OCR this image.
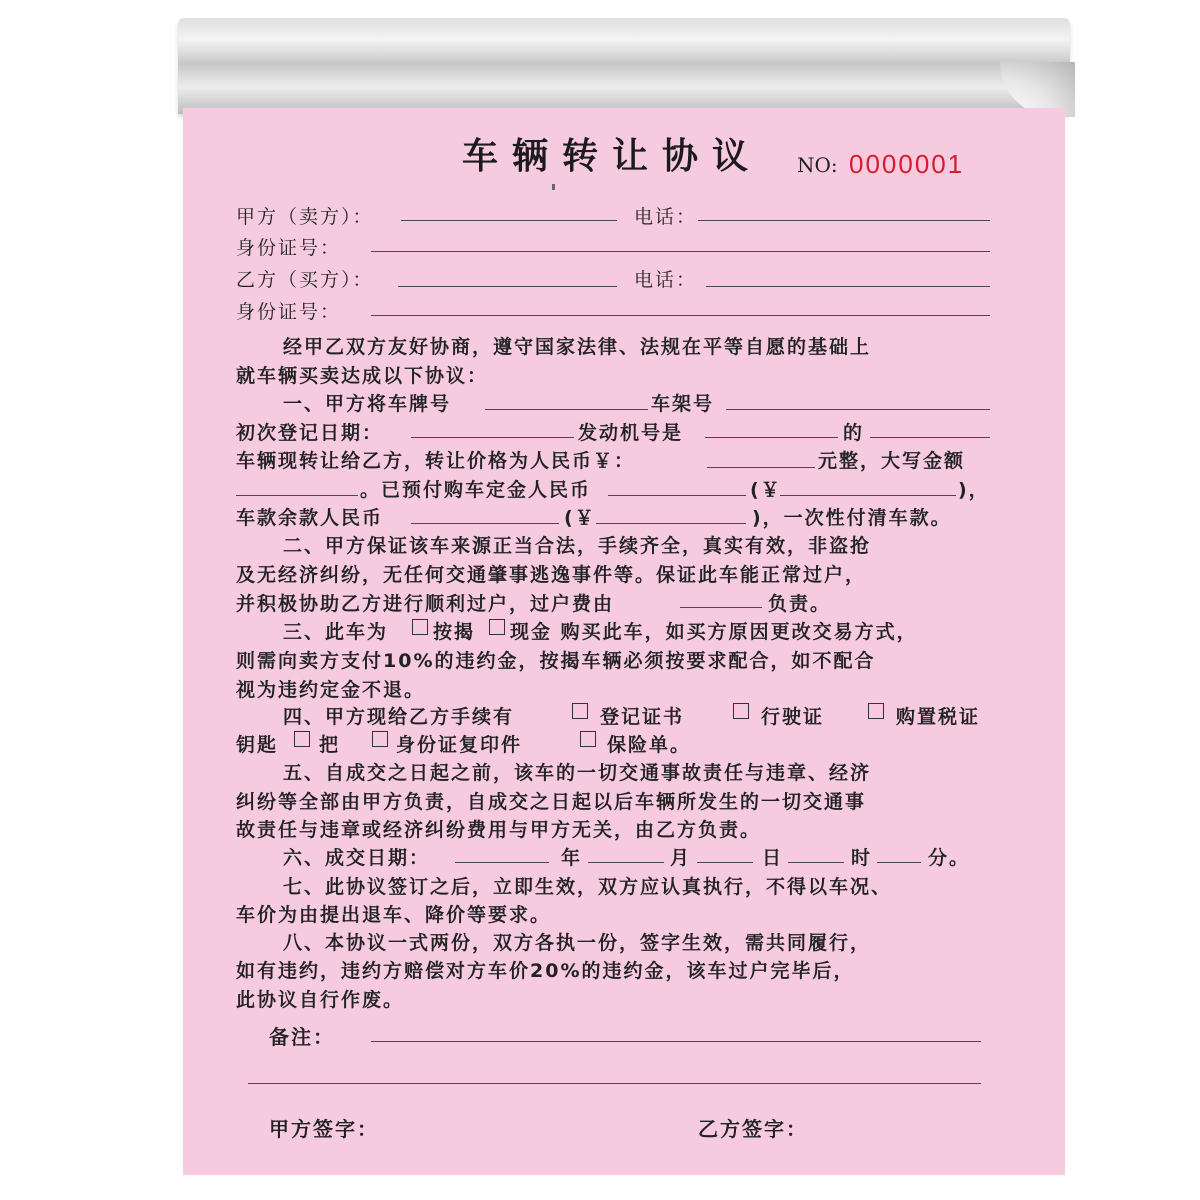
车辆转让协议 NO: 0000001
甲方（卖方）：	电话：
身份证号：
乙方（买方）：	电话：
身份证号：
经甲乙双方友好协商，遵守国家法律、法规在平等自愿的基础上
就车辆买卖达成以下协议：
一、甲方将车牌号	车架号
初次登记日期：	发动机号是	的
车辆现转让给乙方，转让价格为人民币￥：	元整，大写金额
。已预付购车定金人民币	(￥	)，
车款余款人民币	(￥	)，一次性付清车款。
二、甲方保证该车来源正当合法，手续齐全，真实有效，非盗抢
及无经济纠纷，无任何交通肇事逃逸事件等。保证此车能正常过户，
并积极协助乙方进行顺利过户，过户费由	负责。
三、此车为 按揭 现金 购买此车，如买方原因更改交易方式，
则需向卖方支付10%的违约金，按揭车辆必须按要求配合，如不配合
视为违约定金不退。
四、甲方现给乙方手续有	登记证书	行驶证	购置税证
钥匙 把	身份证复印件	保险单。
五、自成交之日起之前，该车的一切交通事故责任与违章、经济
纠纷等全部由甲方负责，自成交之日起以后车辆所发生的一切交通事
故责任与违章或经济纠纷费用与甲方无关，由乙方负责。
六、成交日期：	年	月	日	时	分。
七、此协议签订之后，立即生效，双方应认真执行，不得以车况、
车价为由提出退车、降价等要求。
八、本协议一式两份，双方各执一份，签字生效，需共同履行，
如有违约，违约方赔偿对方车价20%的违约金，该车过户完毕后，
此协议自行作废。
备注：
甲方签字：	乙方签字：
